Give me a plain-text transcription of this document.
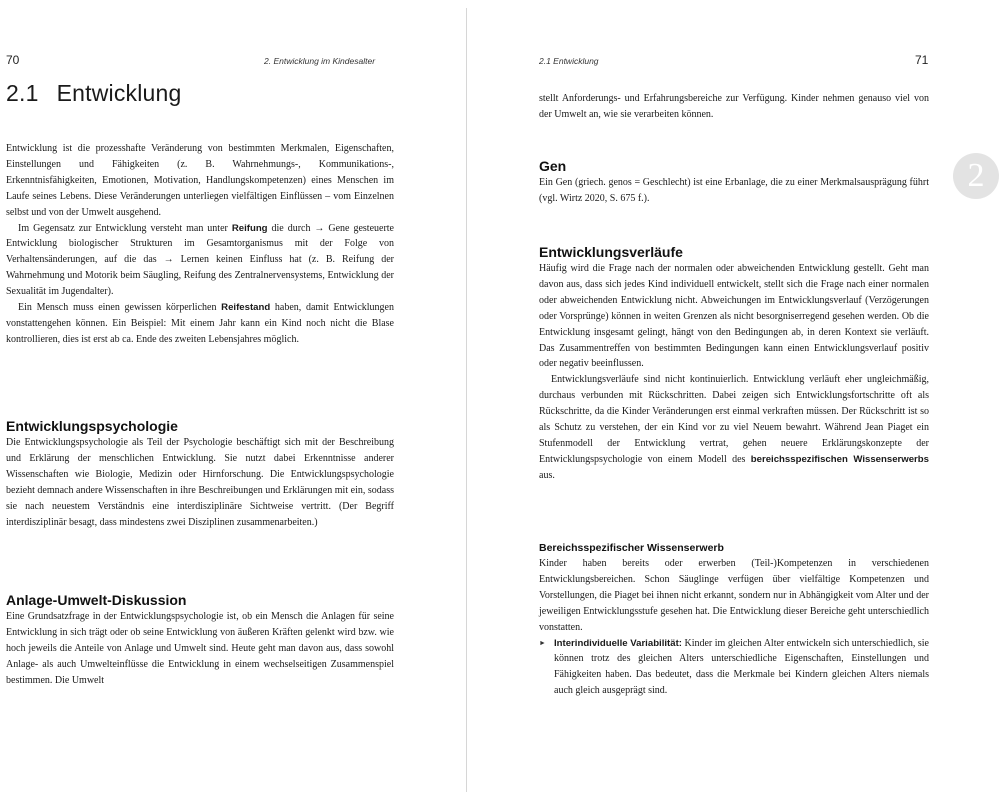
70	2. Entwicklung im Kindesalter
2.1 Entwicklung

Entwicklung ist die prozesshafte Veränderung von bestimmten Merkmalen, Eigenschaften, Einstellungen und Fähigkeiten (z. B. Wahrnehmungs-, Kommunikations-, Erkenntnisfähigkeiten, Emotionen, Motivation, Handlungskompetenzen) eines Menschen im Laufe seines Lebens. Diese Veränderungen unterliegen vielfältigen Einflüssen – vom Einzelnen selbst und von der Umwelt ausgehend.

Im Gegensatz zur Entwicklung versteht man unter Reifung die durch → Gene gesteuerte Entwicklung biologischer Strukturen im Gesamtorganismus mit der Folge von Verhaltensänderungen, auf die das → Lernen keinen Einfluss hat (z. B. Reifung der Wahrnehmung und Motorik beim Säugling, Reifung des Zentralnervensystems, Entwicklung der Sexualität im Jugendalter).

Ein Mensch muss einen gewissen körperlichen Reifestand haben, damit Entwicklungen vonstattengehen können. Ein Beispiel: Mit einem Jahr kann ein Kind noch nicht die Blase kontrollieren, dies ist erst ab ca. Ende des zweiten Lebensjahres möglich.

Entwicklungspsychologie

Die Entwicklungspsychologie als Teil der Psychologie beschäftigt sich mit der Beschreibung und Erklärung der menschlichen Entwicklung. Sie nutzt dabei Erkenntnisse anderer Wissenschaften wie Biologie, Medizin oder Hirnforschung. Die Entwicklungspsychologie bezieht demnach andere Wissenschaften in ihre Beschreibungen und Erklärungen mit ein, sodass sie nach neuestem Verständnis eine interdisziplinäre Sichtweise vertritt. (Der Begriff interdisziplinär besagt, dass mindestens zwei Disziplinen zusammenarbeiten.)

Anlage-Umwelt-Diskussion

Eine Grundsatzfrage in der Entwicklungspsychologie ist, ob ein Mensch die Anlagen für seine Entwicklung in sich trägt oder ob seine Entwicklung von äußeren Kräften gelenkt wird bzw. wie hoch jeweils die Anteile von Anlage und Umwelt sind. Heute geht man davon aus, dass sowohl Anlage- als auch Umwelteinflüsse die Entwicklung in einem wechselseitigen Zusammenspiel bestimmen. Die Umwelt

2.1 Entwicklung	71

stellt Anforderungs- und Erfahrungsbereiche zur Verfügung. Kinder nehmen genauso viel von der Umwelt an, wie sie verarbeiten können.

Gen

Ein Gen (griech. genos = Geschlecht) ist eine Erbanlage, die zu einer Merkmalsausprägung führt (vgl. Wirtz 2020, S. 675 f.).

Entwicklungsverläufe

Häufig wird die Frage nach der normalen oder abweichenden Entwicklung gestellt. Geht man davon aus, dass sich jedes Kind individuell entwickelt, stellt sich die Frage nach einer normalen oder abweichenden Entwicklung nicht. Abweichungen im Entwicklungsverlauf (Verzögerungen oder Vorsprünge) können in weiten Grenzen als nicht besorgniserregend gesehen werden. Ob die Entwicklung insgesamt gelingt, hängt von den Bedingungen ab, in deren Kontext sie verläuft. Das Zusammentreffen von bestimmten Bedingungen kann einen Entwicklungsverlauf positiv oder negativ beeinflussen.

Entwicklungsverläufe sind nicht kontinuierlich. Entwicklung verläuft eher ungleichmäßig, durchaus verbunden mit Rückschritten. Dabei zeigen sich Entwicklungsfortschritte oft als Rückschritte, da die Kinder Veränderungen erst einmal verkraften müssen. Der Rückschritt ist so als Schutz zu verstehen, der ein Kind vor zu viel Neuem bewahrt. Während Jean Piaget ein Stufenmodell der Entwicklung vertrat, gehen neuere Erklärungskonzepte der Entwicklungspsychologie von einem Modell des bereichsspezifischen Wissenserwerbs aus.

Bereichsspezifischer Wissenserwerb

Kinder haben bereits oder erwerben (Teil-)Kompetenzen in verschiedenen Entwicklungsbereichen. Schon Säuglinge verfügen über vielfältige Kompetenzen und Vorstellungen, die Piaget bei ihnen nicht erkannt, sondern nur in Abhängigkeit vom Alter und der jeweiligen Entwicklungsstufe gesehen hat. Die Entwicklung dieser Bereiche geht unterschiedlich vonstatten.

► Interindividuelle Variabilität: Kinder im gleichen Alter entwickeln sich unterschiedlich, sie können trotz des gleichen Alters unterschiedliche Eigenschaften, Einstellungen und Fähigkeiten haben. Das bedeutet, dass die Merkmale bei Kindern gleichen Alters niemals auch gleich ausgeprägt sind.

2
